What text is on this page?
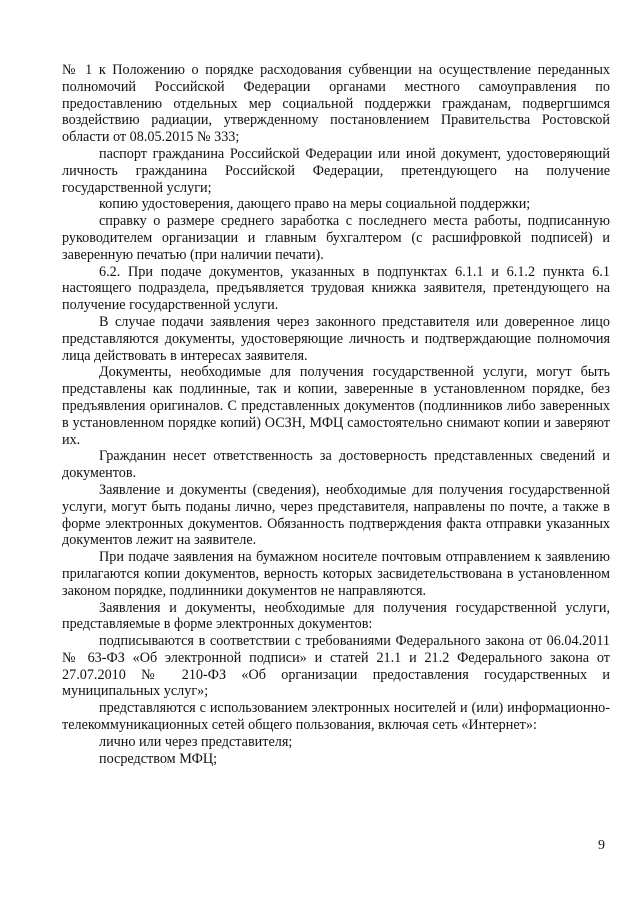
№ 1 к Положению о порядке расходования субвенции на осуществление переданных полномочий Российской Федерации органами местного самоуправления по предоставлению отдельных мер социальной поддержки гражданам, подвергшимся воздействию радиации, утвержденному постановлением Правительства Ростовской области от 08.05.2015 № 333;

паспорт гражданина Российской Федерации или иной документ, удостоверяющий личность гражданина Российской Федерации, претендующего на получение государственной услуги;

копию удостоверения, дающего право на меры социальной поддержки;

справку о размере среднего заработка с последнего места работы, подписанную руководителем организации и главным бухгалтером (с расшифровкой подписей) и заверенную печатью (при наличии печати).

6.2. При подаче документов, указанных в подпунктах 6.1.1 и 6.1.2 пункта 6.1 настоящего подраздела, предъявляется трудовая книжка заявителя, претендующего на получение государственной услуги.

В случае подачи заявления через законного представителя или доверенное лицо представляются документы, удостоверяющие личность и подтверждающие полномочия лица действовать в интересах заявителя.

Документы, необходимые для получения государственной услуги, могут быть представлены как подлинные, так и копии, заверенные в установленном порядке, без предъявления оригиналов. С представленных документов (подлинников либо заверенных в установленном порядке копий) ОСЗН, МФЦ самостоятельно снимают копии и заверяют их.

Гражданин несет ответственность за достоверность представленных сведений и документов.

Заявление и документы (сведения), необходимые для получения государственной услуги, могут быть поданы лично, через представителя, направлены по почте, а также в форме электронных документов. Обязанность подтверждения факта отправки указанных документов лежит на заявителе.

При подаче заявления на бумажном носителе почтовым отправлением к заявлению прилагаются копии документов, верность которых засвидетельствована в установленном законом порядке, подлинники документов не направляются.

Заявления и документы, необходимые для получения государственной услуги, представляемые в форме электронных документов:

подписываются в соответствии с требованиями Федерального закона от 06.04.2011 № 63-ФЗ «Об электронной подписи» и статей 21.1 и 21.2 Федерального закона от 27.07.2010 № 210-ФЗ «Об организации предоставления государственных и муниципальных услуг»;

представляются с использованием электронных носителей и (или) информационно-телекоммуникационных сетей общего пользования, включая сеть «Интернет»:

лично или через представителя;

посредством МФЦ;

9
